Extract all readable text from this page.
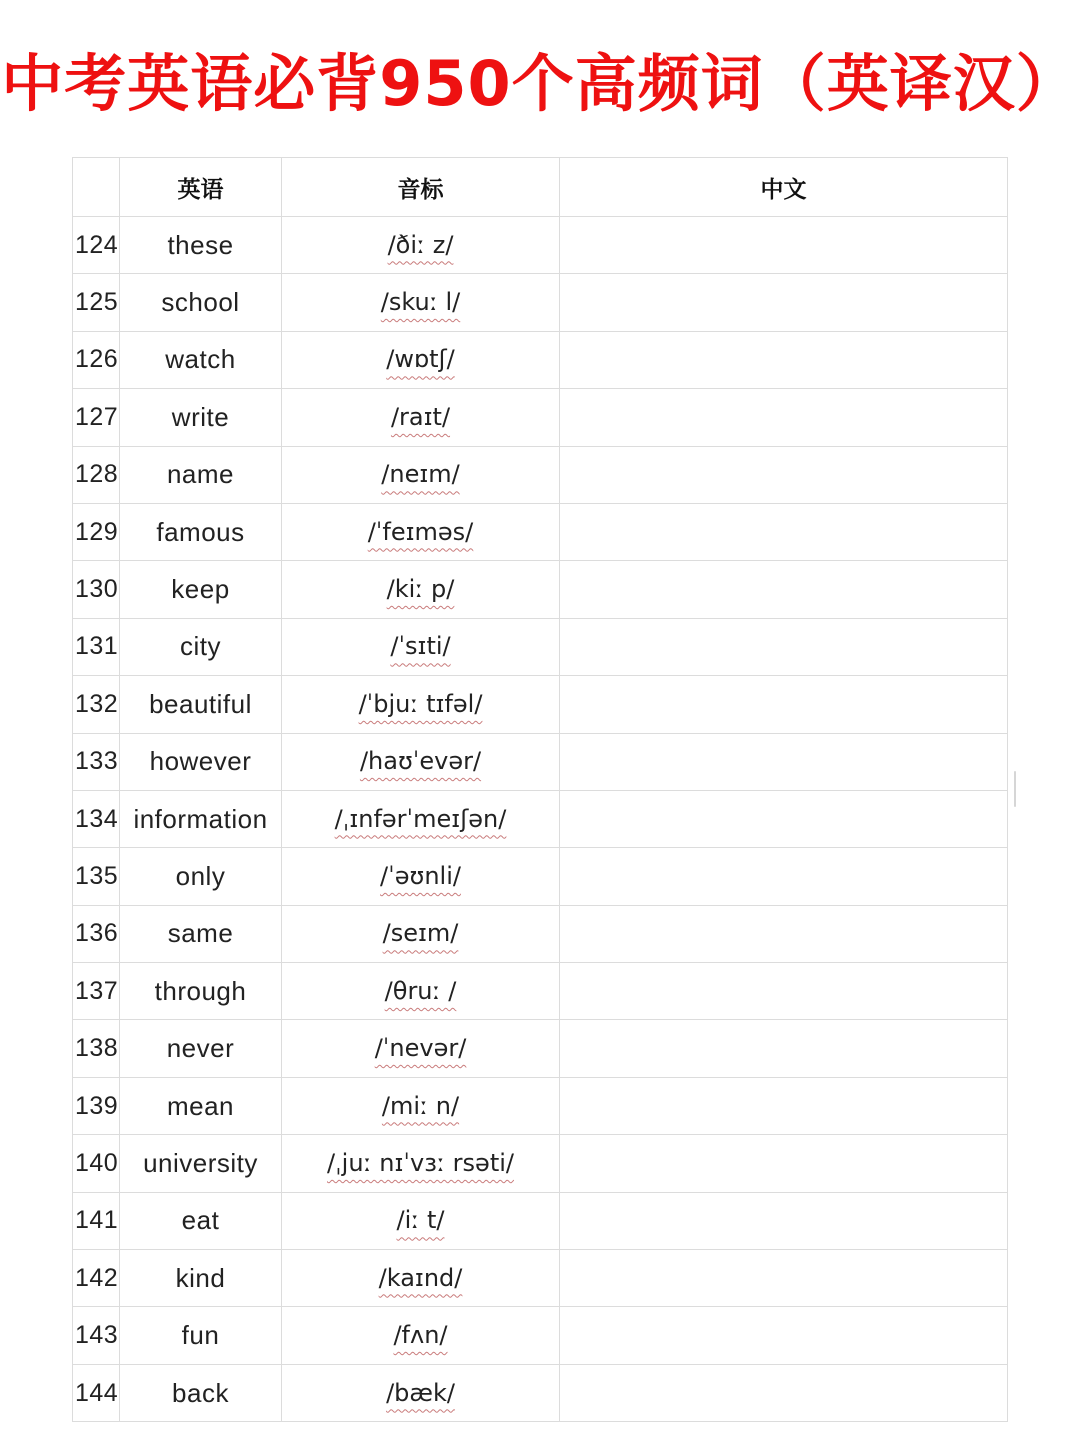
中考英语必背950个高频词（英译汉）
	英语	音标	中文
124	these	/ðiː z/	
125	school	/skuː l/	
126	watch	/wɒtʃ/	
127	write	/raɪt/	
128	name	/neɪm/	
129	famous	/ˈfeɪməs/	
130	keep	/kiː p/	
131	city	/ˈsɪti/	
132	beautiful	/ˈbjuː tɪfəl/	
133	however	/haʊˈevər/	
134	information	/ˌɪnfərˈmeɪʃən/	
135	only	/ˈəʊnli/	
136	same	/seɪm/	
137	through	/θruː /	
138	never	/ˈnevər/	
139	mean	/miː n/	
140	university	/ˌjuː nɪˈvɜː rsəti/	
141	eat	/iː t/	
142	kind	/kaɪnd/	
143	fun	/fʌn/	
144	back	/bæk/	
